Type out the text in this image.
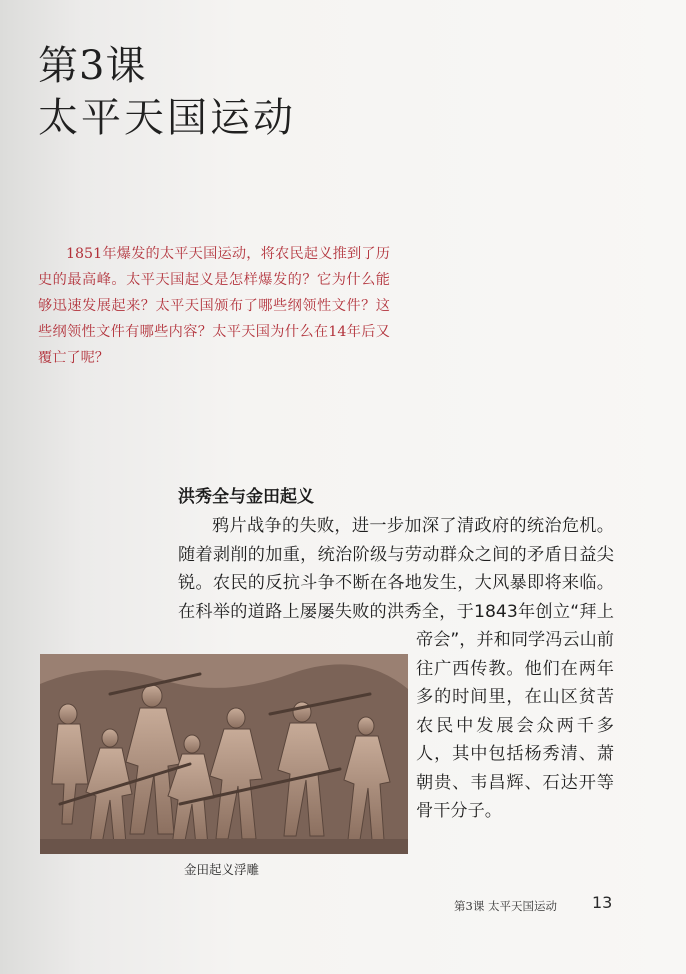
第3课
太平天国运动

1851年爆发的太平天国运动，将农民起义推到了历史的最高峰。太平天国起义是怎样爆发的？它为什么能够迅速发展起来？太平天国颁布了哪些纲领性文件？这些纲领性文件有哪些内容？太平天国为什么在14年后又覆亡了呢？

洪秀全与金田起义

鸦片战争的失败，进一步加深了清政府的统治危机。随着剥削的加重，统治阶级与劳动群众之间的矛盾日益尖锐。农民的反抗斗争不断在各地发生，大风暴即将来临。在科举的道路上屡屡失败的洪秀全，于1843年创立“拜上帝会”，并和同学冯云山前往广西传教。他们在两年多的时间里，在山区贫苦农民中发展会众两千多人，其中包括杨秀清、萧朝贵、韦昌辉、石达开等骨干分子。

金田起义浮雕
第3课 太平天国运动 13
